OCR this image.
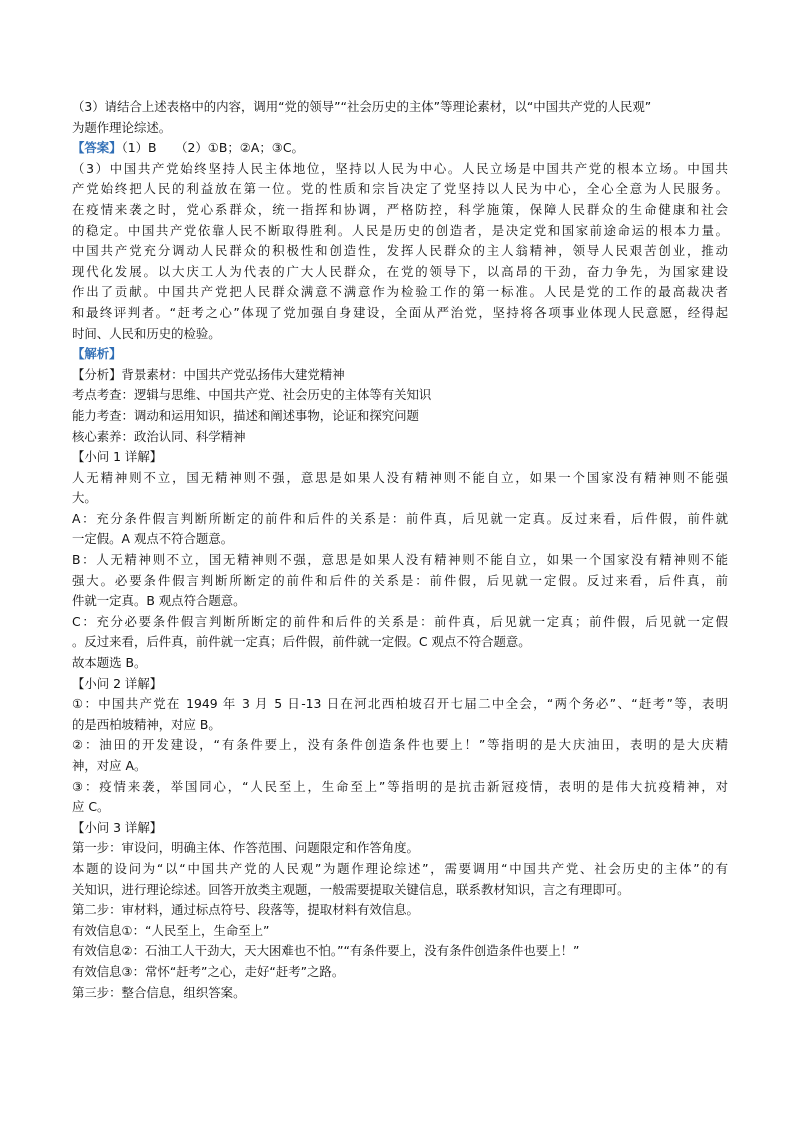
（3）请结合上述表格中的内容，调用“党的领导”“社会历史的主体”等理论素材，以“中国共产党的人民观”
为题作理论综述。
【答案】（1）B　　（2）①B；②A；③C。
（3）中国共产党始终坚持人民主体地位，坚持以人民为中心。人民立场是中国共产党的根本立场。中国共
产党始终把人民的利益放在第一位。党的性质和宗旨决定了党坚持以人民为中心，全心全意为人民服务。
在疫情来袭之时，党心系群众，统一指挥和协调，严格防控，科学施策，保障人民群众的生命健康和社会
的稳定。中国共产党依靠人民不断取得胜利。人民是历史的创造者，是决定党和国家前途命运的根本力量。
中国共产党充分调动人民群众的积极性和创造性，发挥人民群众的主人翁精神，领导人民艰苦创业，推动
现代化发展。以大庆工人为代表的广大人民群众，在党的领导下，以高昂的干劲，奋力争先，为国家建设
作出了贡献。中国共产党把人民群众满意不满意作为检验工作的第一标准。人民是党的工作的最高裁决者
和最终评判者。“赶考之心”体现了党加强自身建设，全面从严治党，坚持将各项事业体现人民意愿，经得起
时间、人民和历史的检验。
【解析】
【分析】背景素材：中国共产党弘扬伟大建党精神
考点考查：逻辑与思维、中国共产党、社会历史的主体等有关知识
能力考查：调动和运用知识，描述和阐述事物，论证和探究问题
核心素养：政治认同、科学精神
【小问 1 详解】
人无精神则不立，国无精神则不强，意思是如果人没有精神则不能自立，如果一个国家没有精神则不能强
大。
A：充分条件假言判断所断定的前件和后件的关系是：前件真，后见就一定真。反过来看，后件假，前件就
一定假。A 观点不符合题意。
B：人无精神则不立，国无精神则不强，意思是如果人没有精神则不能自立，如果一个国家没有精神则不能
强大。必要条件假言判断所断定的前件和后件的关系是：前件假，后见就一定假。反过来看，后件真，前
件就一定真。B 观点符合题意。
C：充分必要条件假言判断所断定的前件和后件的关系是：前件真，后见就一定真；前件假，后见就一定假
。反过来看，后件真，前件就一定真；后件假，前件就一定假。C 观点不符合题意。
故本题选 B。
【小问 2 详解】
①：中国共产党在 1949 年 3 月 5 日-13 日在河北西柏坡召开七届二中全会，“两个务必”、“赶考”等，表明
的是西柏坡精神，对应 B。
②：油田的开发建设，“有条件要上，没有条件创造条件也要上！”等指明的是大庆油田，表明的是大庆精
神，对应 A。
③：疫情来袭，举国同心，“人民至上，生命至上”等指明的是抗击新冠疫情，表明的是伟大抗疫精神，对
应 C。
【小问 3 详解】
第一步：审设问，明确主体、作答范围、问题限定和作答角度。
本题的设问为“以“中国共产党的人民观”为题作理论综述”，需要调用“中国共产党、社会历史的主体”的有
关知识，进行理论综述。回答开放类主观题，一般需要提取关键信息，联系教材知识，言之有理即可。
第二步：审材料，通过标点符号、段落等，提取材料有效信息。
有效信息①：“人民至上，生命至上”
有效信息②：石油工人干劲大，天大困难也不怕。”“有条件要上，没有条件创造条件也要上！”
有效信息③：常怀“赶考”之心，走好“赶考”之路。
第三步：整合信息，组织答案。
